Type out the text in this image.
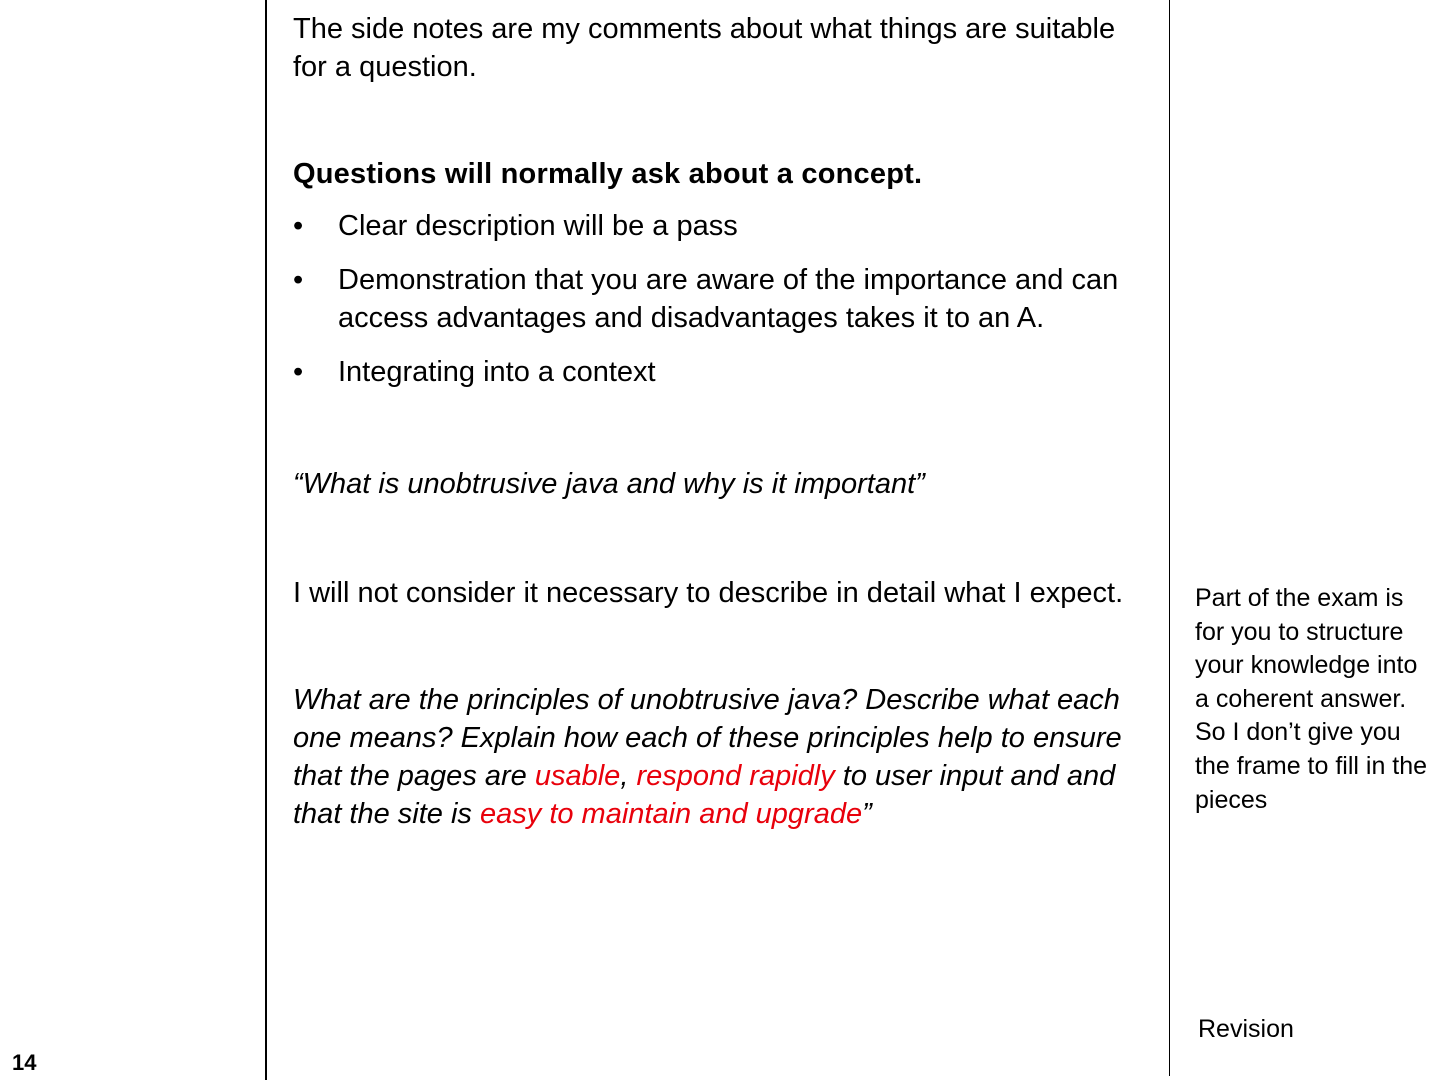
The side notes are my comments about what things are suitable for a question.

Questions will normally ask about a concept.

• Clear description will be a pass
• Demonstration that you are aware of the importance and can access advantages and disadvantages takes it to an A.
• Integrating into a context

“What is unobtrusive java and why is it important”

I will not consider it necessary to describe in detail what I expect.

What are the principles of unobtrusive java? Describe what each one means? Explain how each of these principles help to ensure that the pages are usable, respond rapidly to user input and and that the site is easy to maintain and upgrade”

Part of the exam is for you to structure your knowledge into a coherent answer. So I don’t give you the frame to fill in the pieces
Revision
14
